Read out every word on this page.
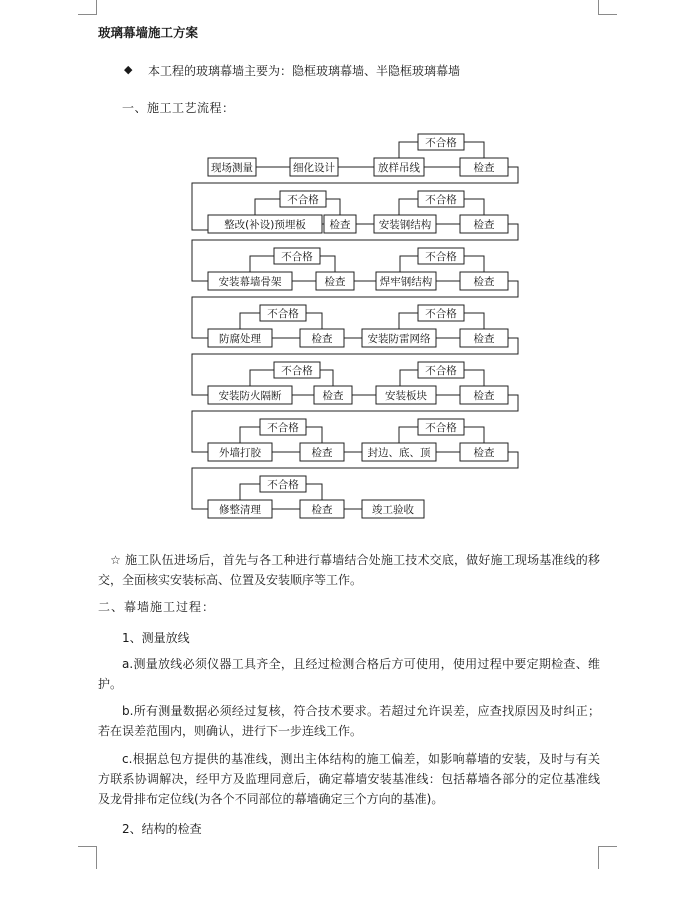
玻璃幕墙施工方案
◆ 本工程的玻璃幕墙主要为：隐框玻璃幕墙、半隐框玻璃幕墙
一、施工工艺流程：
现场测量	细化设计	放样吊线	检查
不合格
整改(补设)预埋板 检查	安装钢结构	检查
不合格	不合格
安装幕墙骨架	检查	焊牢钢结构	检查
不合格	不合格
防腐处理	检查	安装防雷网络	检查
不合格	不合格
安装防火隔断	检查	安装板块	检查
不合格	不合格
外墙打胶	检查	封边、底、顶	检查
不合格	不合格
修整清理	检查	竣工验收
不合格
☆ 施工队伍进场后，首先与各工种进行幕墙结合处施工技术交底，做好施工现场基准线的移交，全面核实安装标高、位置及安装顺序等工作。
二、幕墙施工过程：
1、测量放线
a.测量放线必须仪器工具齐全，且经过检测合格后方可使用，使用过程中要定期检查、维护。
b.所有测量数据必须经过复核，符合技术要求。若超过允许误差，应查找原因及时纠正；若在误差范围内，则确认，进行下一步连线工作。
c.根据总包方提供的基准线，测出主体结构的施工偏差，如影响幕墙的安装，及时与有关方联系协调解决，经甲方及监理同意后，确定幕墙安装基准线：包括幕墙各部分的定位基准线及龙骨排布定位线(为各个不同部位的幕墙确定三个方向的基准)。
2、结构的检查
